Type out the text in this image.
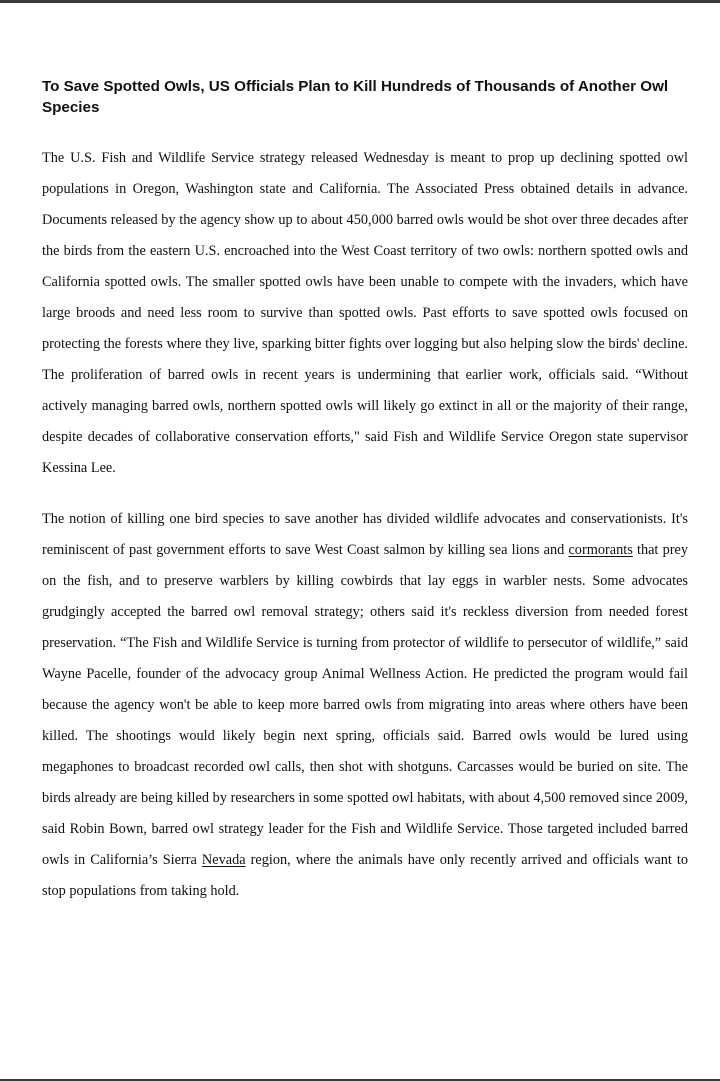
To Save Spotted Owls, US Officials Plan to Kill Hundreds of Thousands of Another Owl Species

The U.S. Fish and Wildlife Service strategy released Wednesday is meant to prop up declining spotted owl populations in Oregon, Washington state and California. The Associated Press obtained details in advance. Documents released by the agency show up to about 450,000 barred owls would be shot over three decades after the birds from the eastern U.S. encroached into the West Coast territory of two owls: northern spotted owls and California spotted owls. The smaller spotted owls have been unable to compete with the invaders, which have large broods and need less room to survive than spotted owls. Past efforts to save spotted owls focused on protecting the forests where they live, sparking bitter fights over logging but also helping slow the birds' decline. The proliferation of barred owls in recent years is undermining that earlier work, officials said. “Without actively managing barred owls, northern spotted owls will likely go extinct in all or the majority of their range, despite decades of collaborative conservation efforts," said Fish and Wildlife Service Oregon state supervisor Kessina Lee.

The notion of killing one bird species to save another has divided wildlife advocates and conservationists. It's reminiscent of past government efforts to save West Coast salmon by killing sea lions and cormorants that prey on the fish, and to preserve warblers by killing cowbirds that lay eggs in warbler nests. Some advocates grudgingly accepted the barred owl removal strategy; others said it's reckless diversion from needed forest preservation. “The Fish and Wildlife Service is turning from protector of wildlife to persecutor of wildlife,” said Wayne Pacelle, founder of the advocacy group Animal Wellness Action. He predicted the program would fail because the agency won't be able to keep more barred owls from migrating into areas where others have been killed. The shootings would likely begin next spring, officials said. Barred owls would be lured using megaphones to broadcast recorded owl calls, then shot with shotguns. Carcasses would be buried on site. The birds already are being killed by researchers in some spotted owl habitats, with about 4,500 removed since 2009, said Robin Bown, barred owl strategy leader for the Fish and Wildlife Service. Those targeted included barred owls in California’s Sierra Nevada region, where the animals have only recently arrived and officials want to stop populations from taking hold.
